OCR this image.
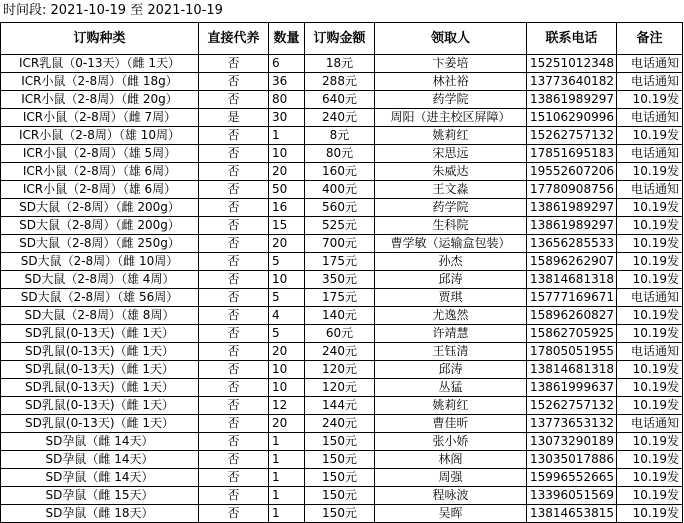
时间段: 2021-10-19 至 2021-10-19
订购种类	直接代养	数量	订购金额	领取人	联系电话	备注
ICR乳鼠（0-13天）（雌 1天）	否	6	18元	卞姜培	15251012348	电话通知
ICR小鼠（2-8周）（雌 18g）	否	36	288元	林社裕	13773640182	电话通知
ICR小鼠（2-8周）（雌 20g）	否	80	640元	药学院	13861989297	10.19发
ICR小鼠（2-8周）（雌 7周）	是	30	240元	周阳（进主校区屏障）	15106290996	电话通知
ICR小鼠（2-8周）（雄 10周）	否	1	8元	姚莉红	15262757132	10.19发
ICR小鼠（2-8周）（雄 5周）	否	10	80元	宋思远	17851695183	电话通知
ICR小鼠（2-8周）（雄 6周）	否	20	160元	朱威达	19552607206	10.19发
ICR小鼠（2-8周）（雄 6周）	否	50	400元	王文淼	17780908756	电话通知
SD大鼠（2-8周）（雌 200g）	否	16	560元	药学院	13861989297	10.19发
SD大鼠（2-8周）（雌 200g）	否	15	525元	生科院	13861989297	10.19发
SD大鼠（2-8周）（雌 250g）	否	20	700元	曹学敏（运输盒包装）	13656285533	10.19发
SD大鼠（2-8周）（雌 10周）	否	5	175元	孙杰	15896262907	10.19发
SD大鼠（2-8周）（雄 4周）	否	10	350元	邱涛	13814681318	10.19发
SD大鼠（2-8周）（雄 56周）	否	5	175元	贾琪	15777169671	电话通知
SD大鼠（2-8周）（雄 8周）	否	4	140元	尤逸然	15896260827	10.19发
SD乳鼠(0-13天)（雌 1天）	否	5	60元	许靖慧	15862705925	10.19发
SD乳鼠(0-13天)（雌 1天）	否	20	240元	王钰清	17805051955	电话通知
SD乳鼠(0-13天)（雌 1天）	否	10	120元	邱涛	13814681318	10.19发
SD乳鼠(0-13天)（雌 1天）	否	10	120元	丛猛	13861999637	10.19发
SD乳鼠(0-13天)（雌 1天）	否	12	144元	姚莉红	15262757132	10.19发
SD乳鼠(0-13天)（雌 1天）	否	20	240元	曹佳昕	13773653132	电话通知
SD孕鼠（雌 14天）	否	1	150元	张小娇	13073290189	10.19发
SD孕鼠（雌 14天）	否	1	150元	林阁	13035017886	10.19发
SD孕鼠（雌 14天）	否	1	150元	周强	15996552665	10.19发
SD孕鼠（雌 15天）	否	1	150元	程咏波	13396051569	10.19发
SD孕鼠（雌 18天）	否	1	150元	吴晖	13814653815	10.19发
